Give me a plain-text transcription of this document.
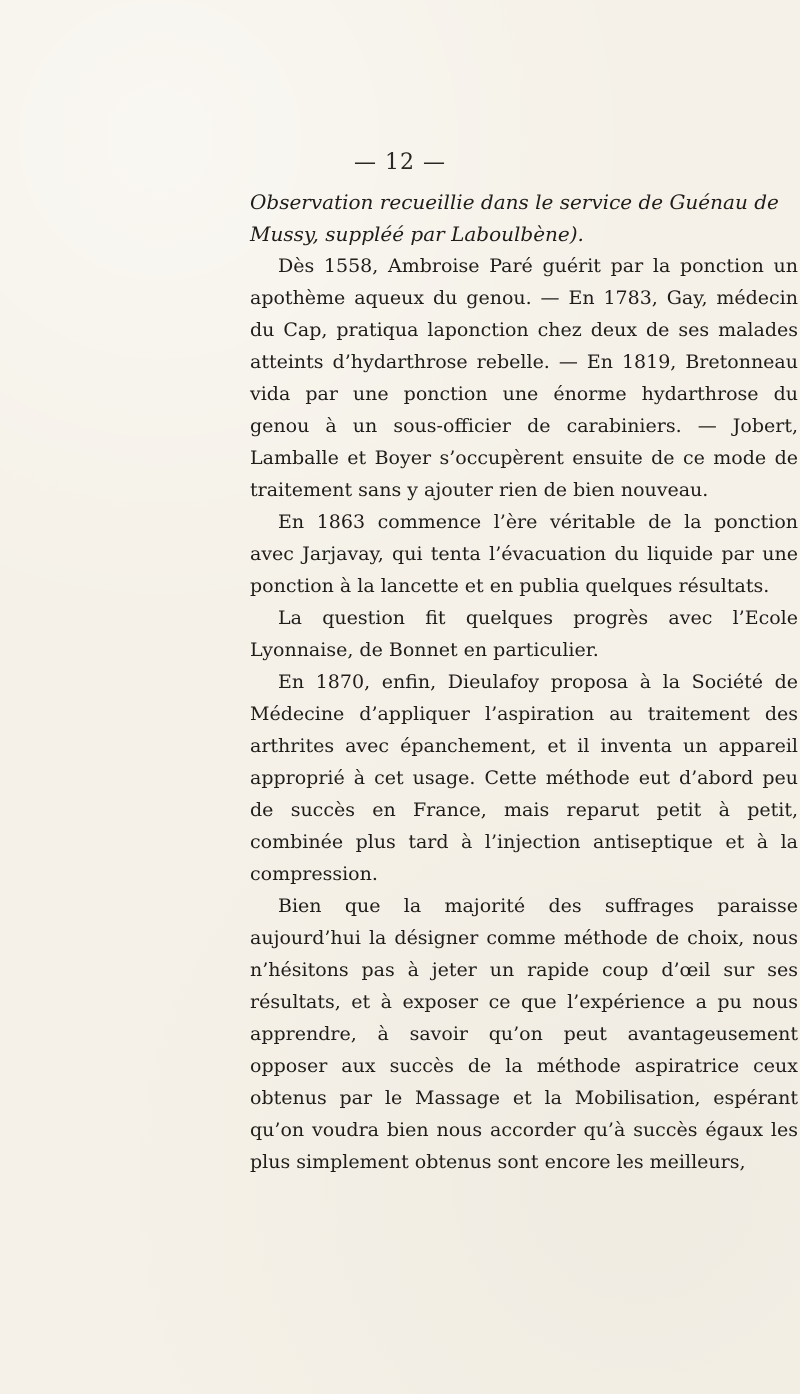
— 12 —

Observation recueillie dans le service de Guénau de Mussy, suppléé par Laboulbène).

Dès 1558, Ambroise Paré guérit par la ponction un apothème aqueux du genou. — En 1783, Gay, médecin du Cap, pratiqua laponction chez deux de ses malades atteints d’hydarthrose rebelle. — En 1819, Bretonneau vida par une ponction une énorme hydarthrose du genou à un sous-officier de carabiniers. — Jobert, Lamballe et Boyer s’occupèrent ensuite de ce mode de traitement sans y ajouter rien de bien nouveau.

En 1863 commence l’ère véritable de la ponction avec Jarjavay, qui tenta l’évacuation du liquide par une ponction à la lancette et en publia quelques résultats.

La question fit quelques progrès avec l’Ecole Lyonnaise, de Bonnet en particulier.

En 1870, enfin, Dieulafoy proposa à la Société de Médecine d’appliquer l’aspiration au traitement des arthrites avec épanchement, et il inventa un appareil approprié à cet usage. Cette méthode eut d’abord peu de succès en France, mais reparut petit à petit, combinée plus tard à l’injection antiseptique et à la compression.

Bien que la majorité des suffrages paraisse aujourd’hui la désigner comme méthode de choix, nous n’hésitons pas à jeter un rapide coup d’œil sur ses résultats, et à exposer ce que l’expérience a pu nous apprendre, à savoir qu’on peut avantageusement opposer aux succès de la méthode aspiratrice ceux obtenus par le Massage et la Mobilisation, espérant qu’on voudra bien nous accorder qu’à succès égaux les plus simplement obtenus sont encore les meilleurs,
